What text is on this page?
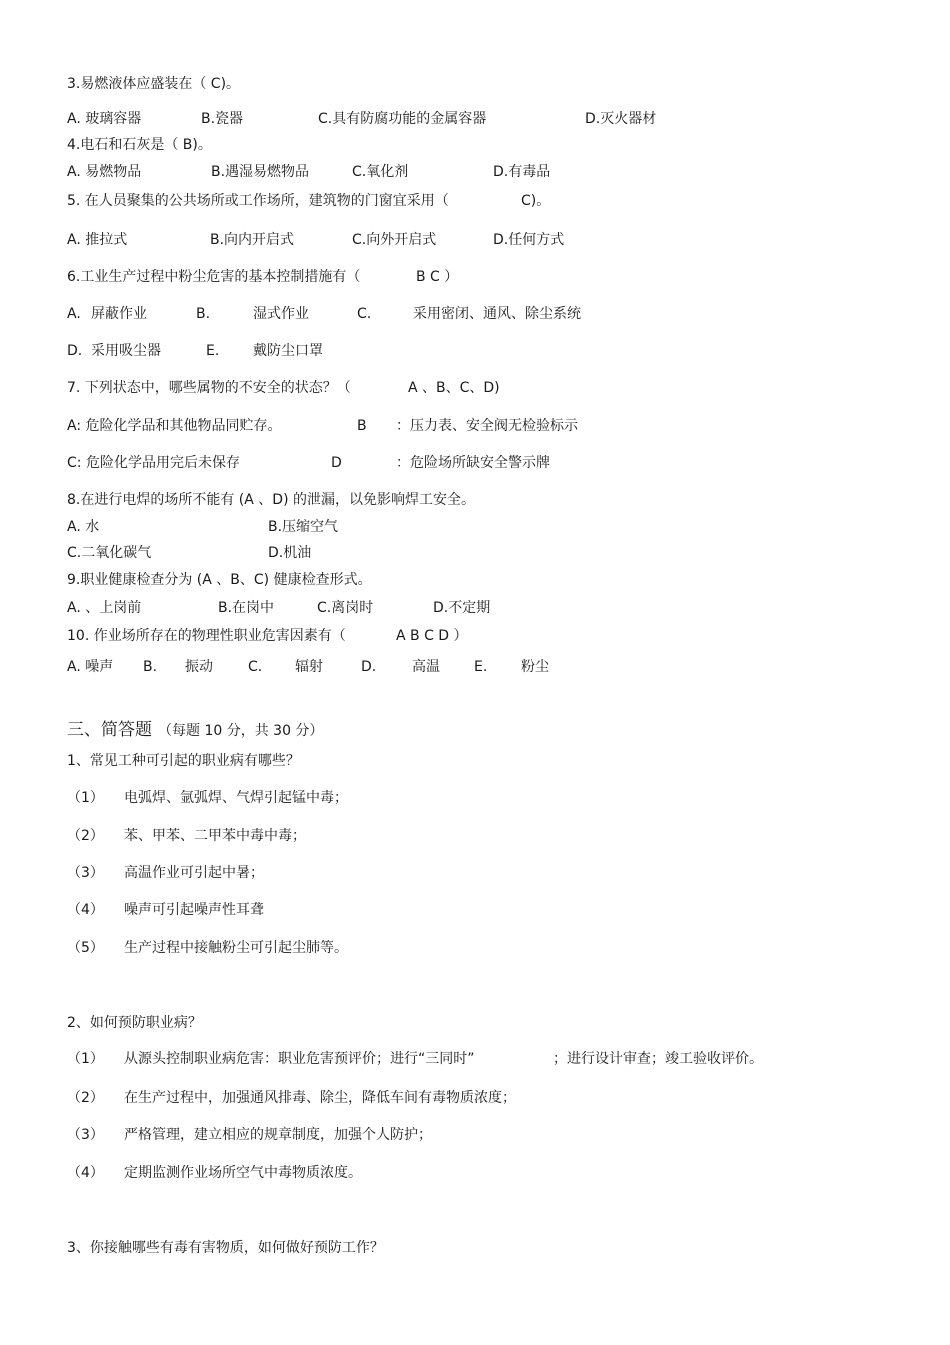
3.易燃液体应盛装在（ C)。
A. 玻璃容器	B.瓷器	C.具有防腐功能的金属容器	D.灭火器材
4.电石和石灰是（ B)。
A. 易燃物品	B.遇湿易燃物品	C.氧化剂	D.有毒品
5. 在人员聚集的公共场所或工作场所，建筑物的门窗宜采用（	C)。
A. 推拉式	B.向内开启式	C.向外开启式	D.任何方式
6.工业生产过程中粉尘危害的基本控制措施有（	B C ）
A. 屏蔽作业	B.	湿式作业	C.	采用密闭、通风、除尘系统
D. 采用吸尘器	E. 戴防尘口罩
7. 下列状态中，哪些属物的不安全的状态？（	A 、B、C、D)
A: 危险化学品和其他物品同贮存。	B ：压力表、安全阀无检验标示
C: 危险化学品用完后未保存	D	：危险场所缺安全警示牌
8.在进行电焊的场所不能有 (A 、D) 的泄漏，以免影响焊工安全。
A. 水	B.压缩空气
C.二氧化碳气	D.机油
9.职业健康检查分为 (A 、B、C) 健康检查形式。
A. 、上岗前	B.在岗中	C.离岗时	D.不定期
10. 作业场所存在的物理性职业危害因素有（	A B C D ）
A. 噪声 B. 振动	C. 辐射	D.	高温 E. 粉尘
三、简答题 （每题 10 分，共 30 分）
1、常见工种可引起的职业病有哪些？
（1） 电弧焊、氩弧焊、气焊引起锰中毒；
（2） 苯、甲苯、二甲苯中毒中毒；
（3） 高温作业可引起中暑；
（4） 噪声可引起噪声性耳聋
（5） 生产过程中接触粉尘可引起尘肺等。
2、如何预防职业病？
（1） 从源头控制职业病危害：职业危害预评价；进行“三同时”	；进行设计审查；竣工验收评价。
（2） 在生产过程中，加强通风排毒、除尘，降低车间有毒物质浓度；
（3） 严格管理，建立相应的规章制度，加强个人防护；
（4） 定期监测作业场所空气中毒物质浓度。
3、你接触哪些有毒有害物质，如何做好预防工作？
